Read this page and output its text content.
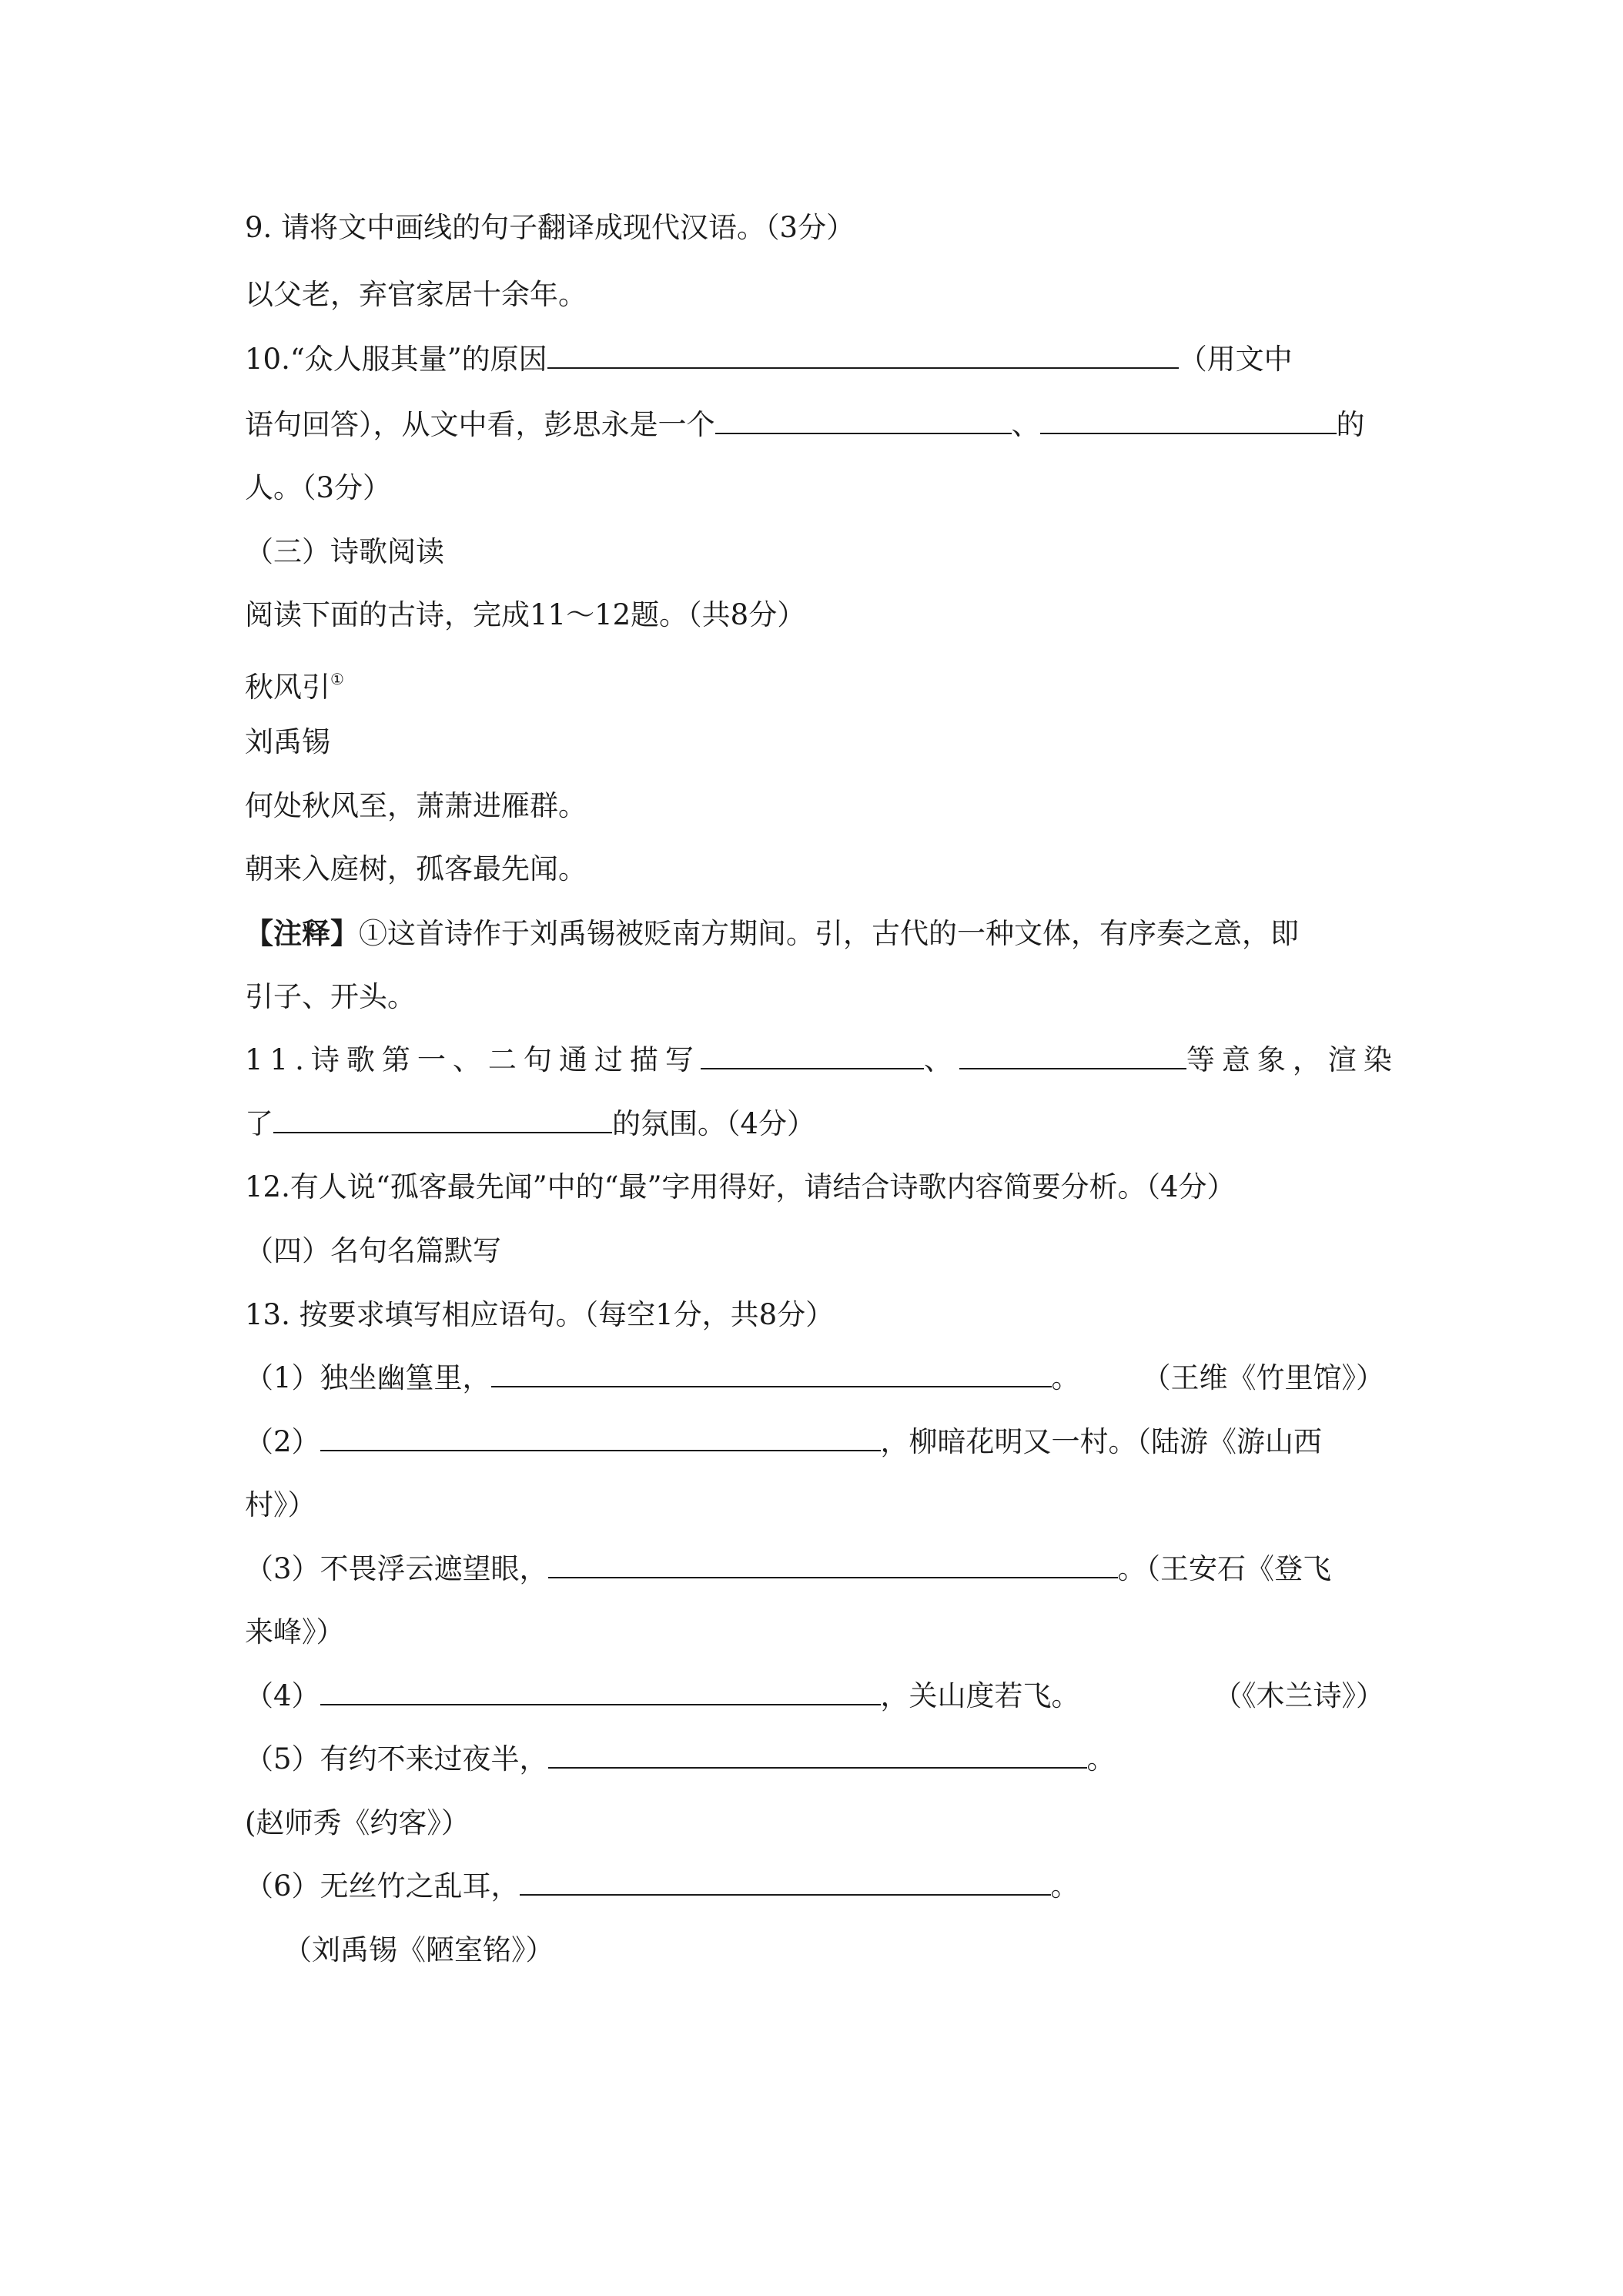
9. 请将文中画线的句子翻译成现代汉语。（3分）
以父老，弃官家居十余年。
10.“众人服其量”的原因	（用文中
语句回答），从文中看，彭思永是一个	、	的
人。（3分）
（三）诗歌阅读
阅读下面的古诗，完成11～12题。（共8分）
秋风引①
刘禹锡
何处秋风至，萧萧进雁群。
朝来入庭树，孤客最先闻。
【注释】①这首诗作于刘禹锡被贬南方期间。引，古代的一种文体，有序奏之意，即
引子、开头。
11.诗歌第一、二句通过描写	、	等意象，渲染
了	的氛围。（4分）
12.有人说“孤客最先闻”中的“最”字用得好，请结合诗歌内容简要分析。（4分）
（四）名句名篇默写
13. 按要求填写相应语句。（每空1分，共8分）
（1）独坐幽篁里，	。 （王维《竹里馆》）
（2）	，柳暗花明又一村。（陆游《游山西
村》）
（3）不畏浮云遮望眼，	。（王安石《登飞
来峰》）
（4）	，关山度若飞。	（《木兰诗》）
（5）有约不来过夜半，	。
(赵师秀《约客》）
（6）无丝竹之乱耳，	。
（刘禹锡《陋室铭》）
